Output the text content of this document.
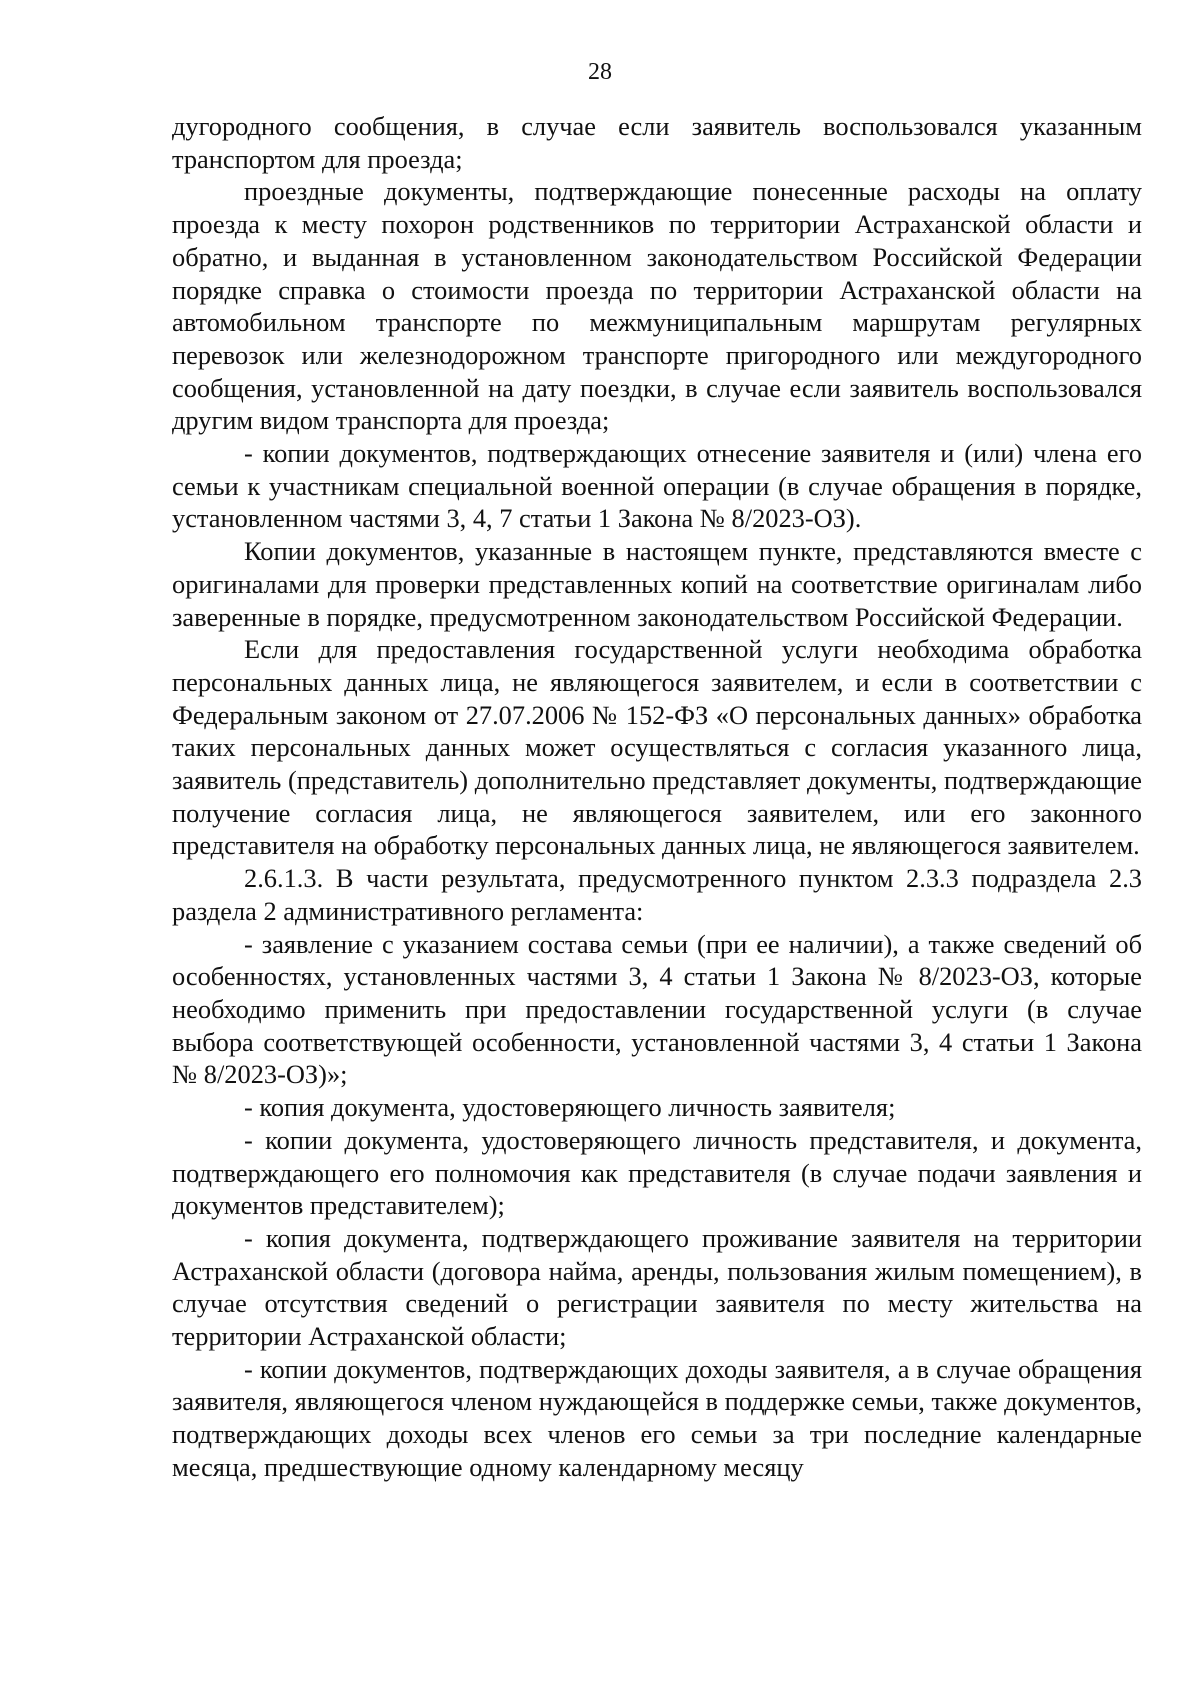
28

дугородного сообщения, в случае если заявитель воспользовался указанным транспортом для проезда;

проездные документы, подтверждающие понесенные расходы на оплату проезда к месту похорон родственников по территории Астраханской области и обратно, и выданная в установленном законодательством Российской Федерации порядке справка о стоимости проезда по территории Астраханской области на автомобильном транспорте по межмуниципальным маршрутам регулярных перевозок или железнодорожном транспорте пригородного или междугородного сообщения, установленной на дату поездки, в случае если заявитель воспользовался другим видом транспорта для проезда;

- копии документов, подтверждающих отнесение заявителя и (или) члена его семьи к участникам специальной военной операции (в случае обращения в порядке, установленном частями 3, 4, 7 статьи 1 Закона № 8/2023-ОЗ).

Копии документов, указанные в настоящем пункте, представляются вместе с оригиналами для проверки представленных копий на соответствие оригиналам либо заверенные в порядке, предусмотренном законодательством Российской Федерации.

Если для предоставления государственной услуги необходима обработка персональных данных лица, не являющегося заявителем, и если в соответствии с Федеральным законом от 27.07.2006 № 152-ФЗ «О персональных данных» обработка таких персональных данных может осуществляться с согласия указанного лица, заявитель (представитель) дополнительно представляет документы, подтверждающие получение согласия лица, не являющегося заявителем, или его законного представителя на обработку персональных данных лица, не являющегося заявителем.

2.6.1.3. В части результата, предусмотренного пунктом 2.3.3 подраздела 2.3 раздела 2 административного регламента:

- заявление с указанием состава семьи (при ее наличии), а также сведений об особенностях, установленных частями 3, 4 статьи 1 Закона № 8/2023-ОЗ, которые необходимо применить при предоставлении государственной услуги (в случае выбора соответствующей особенности, установленной частями 3, 4 статьи 1 Закона № 8/2023-ОЗ)»;

- копия документа, удостоверяющего личность заявителя;

- копии документа, удостоверяющего личность представителя, и документа, подтверждающего его полномочия как представителя (в случае подачи заявления и документов представителем);

- копия документа, подтверждающего проживание заявителя на территории Астраханской области (договора найма, аренды, пользования жилым помещением), в случае отсутствия сведений о регистрации заявителя по месту жительства на территории Астраханской области;

- копии документов, подтверждающих доходы заявителя, а в случае обращения заявителя, являющегося членом нуждающейся в поддержке семьи, также документов, подтверждающих доходы всех членов его семьи за три последние календарные месяца, предшествующие одному календарному месяцу
